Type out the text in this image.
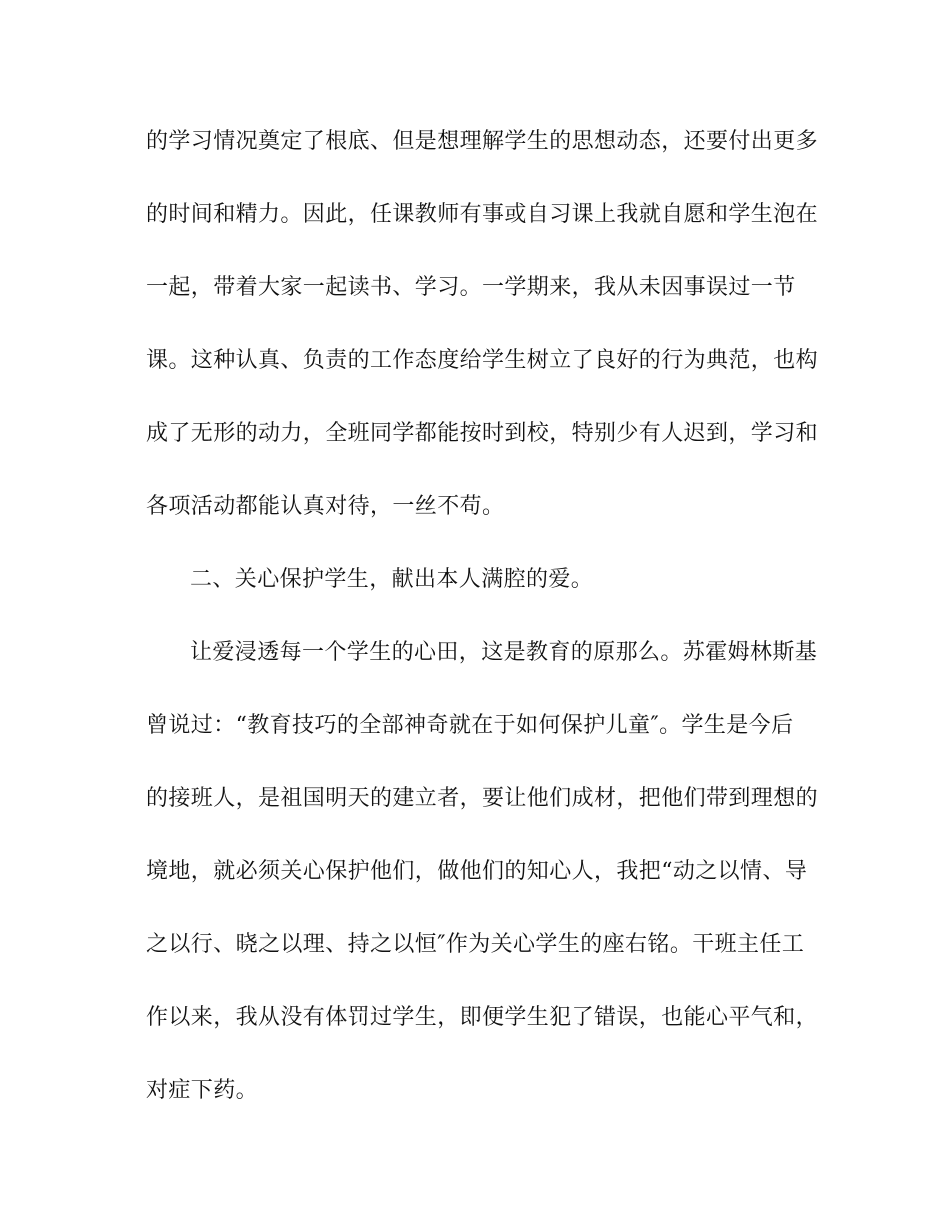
的学习情况奠定了根底、但是想理解学生的思想动态，还要付出更多
的时间和精力。因此，任课教师有事或自习课上我就自愿和学生泡在
一起，带着大家一起读书、学习。一学期来，我从未因事误过一节
课。这种认真、负责的工作态度给学生树立了良好的行为典范，也构
成了无形的动力，全班同学都能按时到校，特别少有人迟到，学习和
各项活动都能认真对待，一丝不苟。
二、关心保护学生，献出本人满腔的爱。
让爱浸透每一个学生的心田，这是教育的原那么。苏霍姆林斯基
曾说过：“教育技巧的全部神奇就在于如何保护儿童″。学生是今后
的接班人，是祖国明天的建立者，要让他们成材，把他们带到理想的
境地，就必须关心保护他们，做他们的知心人，我把“动之以情、导
之以行、晓之以理、持之以恒″作为关心学生的座右铭。干班主任工
作以来，我从没有体罚过学生，即便学生犯了错误，也能心平气和，
对症下药。
